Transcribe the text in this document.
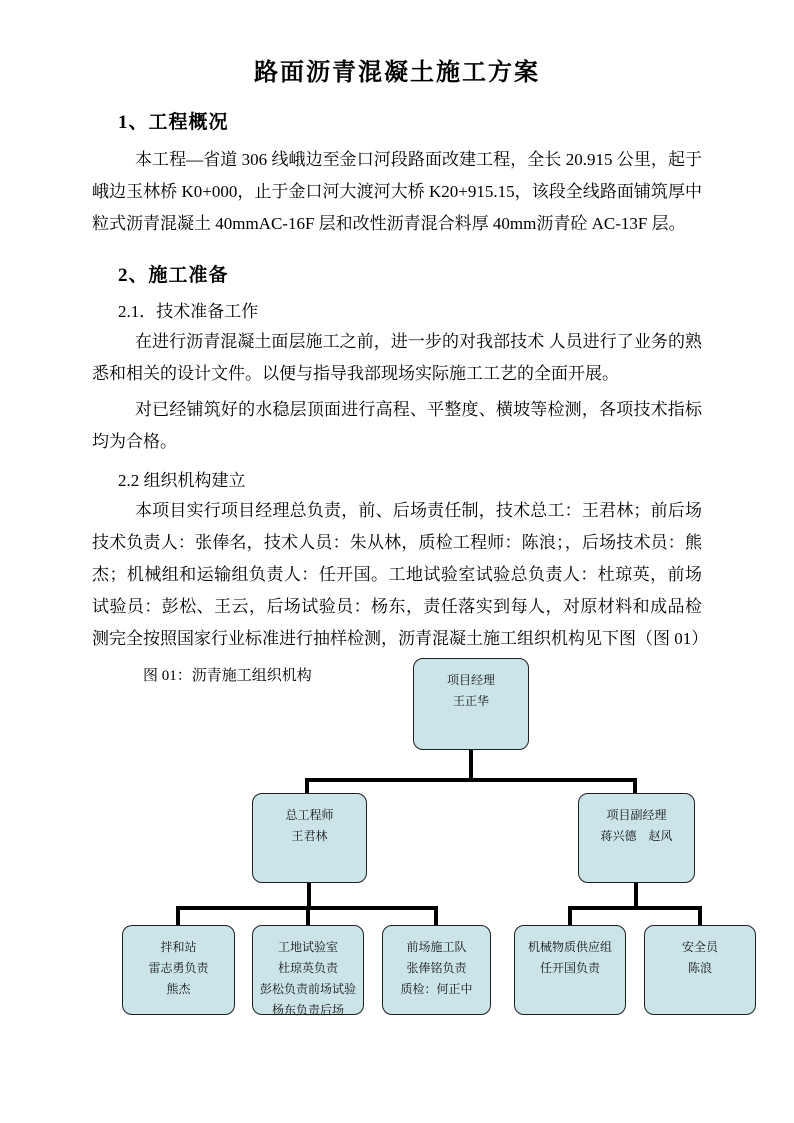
路面沥青混凝土施工方案
1、工程概况

本工程—省道 306 线峨边至金口河段路面改建工程，全长 20.915 公里，起于峨边玉林桥 K0+000，止于金口河大渡河大桥 K20+915.15，该段全线路面铺筑厚中粒式沥青混凝土 40mmAC-16F 层和改性沥青混合料厚 40mm沥青砼 AC-13F 层。

2、施工准备
2.1．技术准备工作

在进行沥青混凝土面层施工之前，进一步的对我部技术 人员进行了业务的熟悉和相关的设计文件。以便与指导我部现场实际施工工艺的全面开展。

对已经铺筑好的水稳层顶面进行高程、平整度、横坡等检测，各项技术指标均为合格。

2.2 组织机构建立

本项目实行项目经理总负责，前、后场责任制，技术总工：王君林；前后场技术负责人：张俸名，技术人员：朱从林，质检工程师：陈浪；，后场技术员：熊杰；机械组和运输组负责人：任开国。工地试验室试验总负责人：杜琼英，前场试验员：彭松、王云，后场试验员：杨东，责任落实到每人，对原材料和成品检测完全按照国家行业标准进行抽样检测，沥青混凝土施工组织机构见下图（图 01）

图 01：沥青施工组织机构	项目经理
王正华
总工程师
王君林
项目副经理
蒋兴德　赵风
拌和站
雷志勇负责
熊杰
工地试验室
杜琼英负责
彭松负责前场试验
杨东负责后场
前场施工队
张俸铭负责
质检：何正中
机械物质供应组
任开国负责
安全员
陈浪
